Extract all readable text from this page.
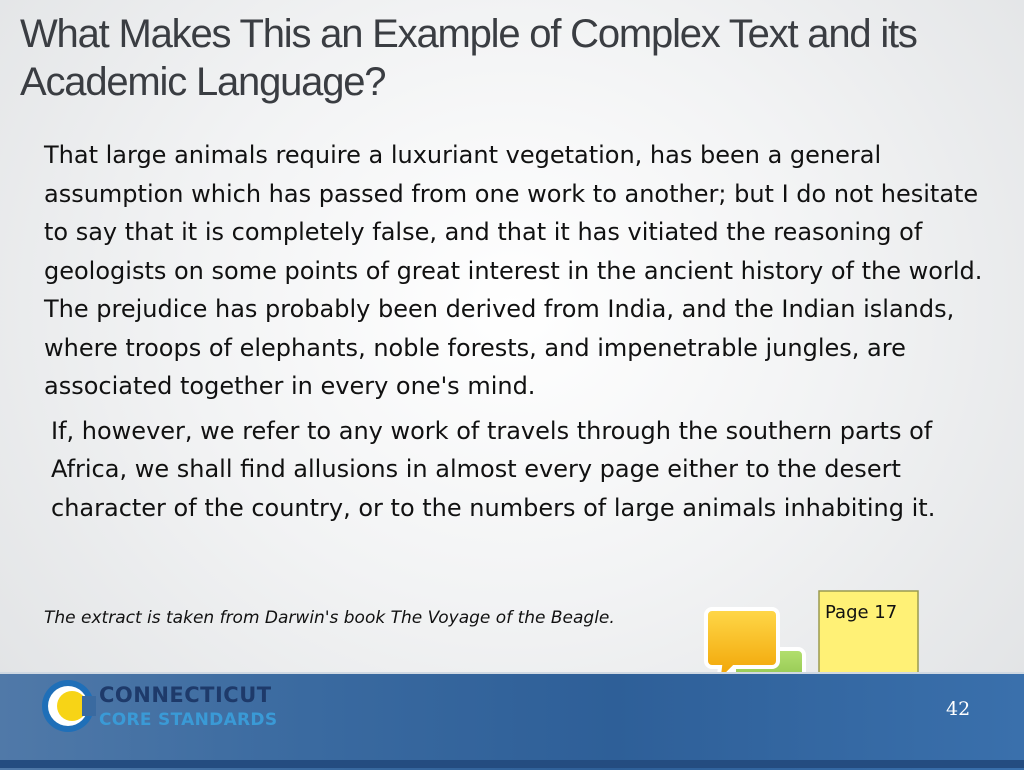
What Makes This an Example of Complex Text and its Academic Language?

That large animals require a luxuriant vegetation, has been a general assumption which has passed from one work to another; but I do not hesitate to say that it is completely false, and that it has vitiated the reasoning of geologists on some points of great interest in the ancient history of the world. The prejudice has probably been derived from India, and the Indian islands, where troops of elephants, noble forests, and impenetrable jungles, are associated together in every one's mind.

If, however, we refer to any work of travels through the southern parts of Africa, we shall find allusions in almost every page either to the desert character of the country, or to the numbers of large animals inhabiting it.

The extract is taken from Darwin's book The Voyage of the Beagle.	Page 17
CONNECTICUT
CORE STANDARDS	42
